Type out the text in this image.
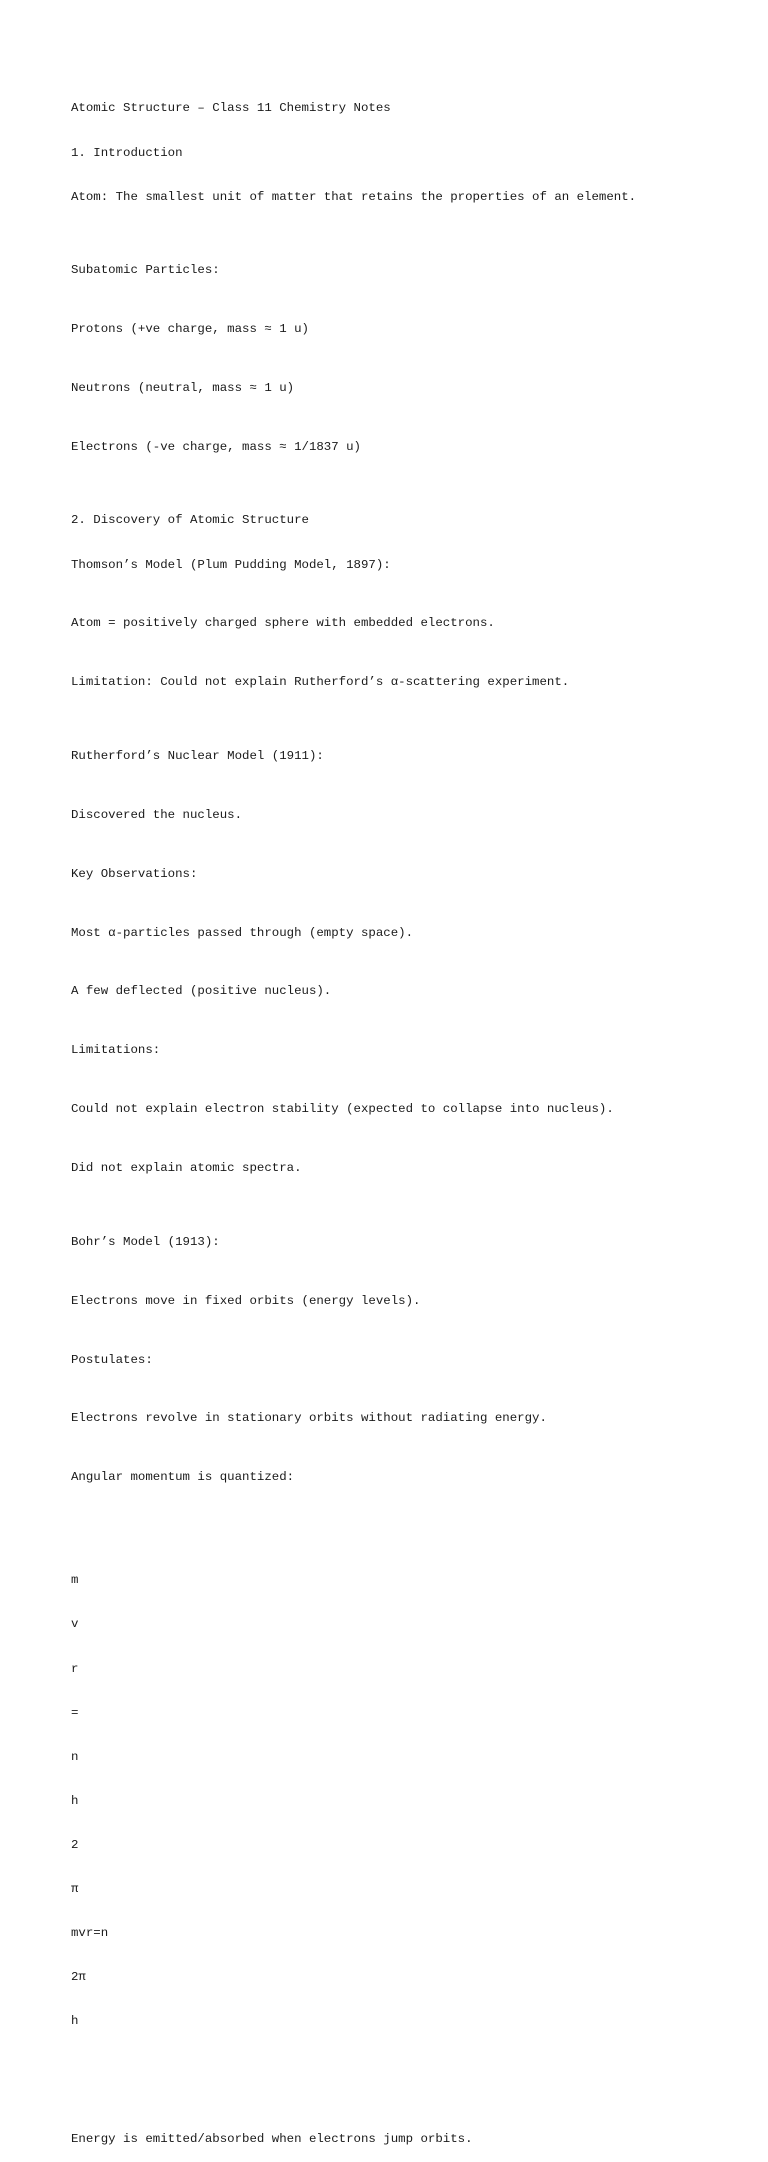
Atomic Structure – Class 11 Chemistry Notes

1. Introduction

Atom: The smallest unit of matter that retains the properties of an element.

Subatomic Particles:

Protons (+ve charge, mass ≈ 1 u)

Neutrons (neutral, mass ≈ 1 u)

Electrons (-ve charge, mass ≈ 1/1837 u)

2. Discovery of Atomic Structure

Thomson’s Model (Plum Pudding Model, 1897):

Atom = positively charged sphere with embedded electrons.

Limitation: Could not explain Rutherford’s α-scattering experiment.

Rutherford’s Nuclear Model (1911):

Discovered the nucleus.

Key Observations:

Most α-particles passed through (empty space).

A few deflected (positive nucleus).

Limitations:

Could not explain electron stability (expected to collapse into nucleus).

Did not explain atomic spectra.

Bohr’s Model (1913):

Electrons move in fixed orbits (energy levels).

Postulates:

Electrons revolve in stationary orbits without radiating energy.

Angular momentum is quantized:

m

v

r

=

n

h

2

π

mvr=n

2π

h

Energy is emitted/absorbed when electrons jump orbits.
